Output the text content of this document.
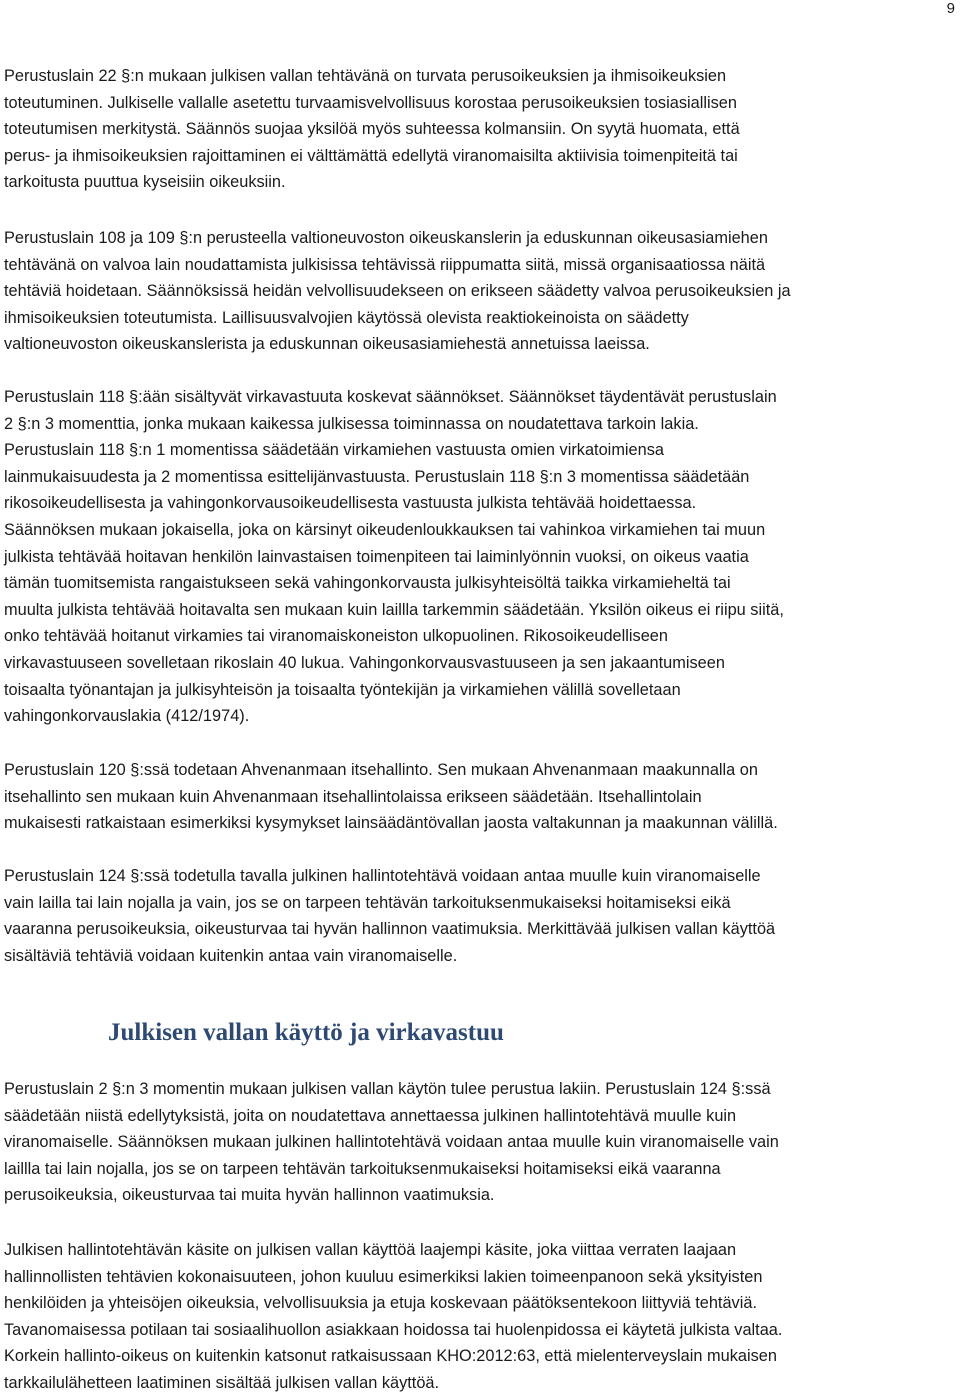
9
Perustuslain 22 §:n mukaan julkisen vallan tehtävänä on turvata perusoikeuksien ja ihmisoikeuksien
toteutuminen. Julkiselle vallalle asetettu turvaamisvelvollisuus korostaa perusoikeuksien tosiasiallisen
toteutumisen merkitystä. Säännös suojaa yksilöä myös suhteessa kolmansiin. On syytä huomata, että
perus- ja ihmisoikeuksien rajoittaminen ei välttämättä edellytä viranomaisilta aktiivisia toimenpiteitä tai
tarkoitusta puuttua kyseisiin oikeuksiin.
Perustuslain 108 ja 109 §:n perusteella valtioneuvoston oikeuskanslerin ja eduskunnan oikeusasiamiehen
tehtävänä on valvoa lain noudattamista julkisissa tehtävissä riippumatta siitä, missä organisaatiossa näitä
tehtäviä hoidetaan. Säännöksissä heidän velvollisuudekseen on erikseen säädetty valvoa perusoikeuksien ja
ihmisoikeuksien toteutumista. Laillisuusvalvojien käytössä olevista reaktiokeinoista on säädetty
valtioneuvoston oikeuskanslerista ja eduskunnan oikeusasiamiehestä annetuissa laeissa.
Perustuslain 118 §:ään sisältyvät virkavastuuta koskevat säännökset. Säännökset täydentävät perustuslain
2 §:n 3 momenttia, jonka mukaan kaikessa julkisessa toiminnassa on noudatettava tarkoin lakia.
Perustuslain 118 §:n 1 momentissa säädetään virkamiehen vastuusta omien virkatoimiensa
lainmukaisuudesta ja 2 momentissa esittelijänvastuusta. Perustuslain 118 §:n 3 momentissa säädetään
rikosoikeudellisesta ja vahingonkorvausoikeudellisesta vastuusta julkista tehtävää hoidettaessa.
Säännöksen mukaan jokaisella, joka on kärsinyt oikeudenloukkauksen tai vahinkoa virkamiehen tai muun
julkista tehtävää hoitavan henkilön lainvastaisen toimenpiteen tai laiminlyönnin vuoksi, on oikeus vaatia
tämän tuomitsemista rangaistukseen sekä vahingonkorvausta julkisyhteisöltä taikka virkamieheltä tai
muulta julkista tehtävää hoitavalta sen mukaan kuin laillla tarkemmin säädetään. Yksilön oikeus ei riipu siitä,
onko tehtävää hoitanut virkamies tai viranomaiskoneiston ulkopuolinen. Rikosoikeudelliseen
virkavastuuseen sovelletaan rikoslain 40 lukua. Vahingonkorvausvastuuseen ja sen jakaantumiseen
toisaalta työnantajan ja julkisyhteisön ja toisaalta työntekijän ja virkamiehen välillä sovelletaan
vahingonkorvauslakia (412/1974).
Perustuslain 120 §:ssä todetaan Ahvenanmaan itsehallinto. Sen mukaan Ahvenanmaan maakunnalla on
itsehallinto sen mukaan kuin Ahvenanmaan itsehallintolaissa erikseen säädetään. Itsehallintolain
mukaisesti ratkaistaan esimerkiksi kysymykset lainsäädäntövallan jaosta valtakunnan ja maakunnan välillä.
Perustuslain 124 §:ssä todetulla tavalla julkinen hallintotehtävä voidaan antaa muulle kuin viranomaiselle
vain lailla tai lain nojalla ja vain, jos se on tarpeen tehtävän tarkoituksenmukaiseksi hoitamiseksi eikä
vaaranna perusoikeuksia, oikeusturvaa tai hyvän hallinnon vaatimuksia. Merkittävää julkisen vallan käyttöä
sisältäviä tehtäviä voidaan kuitenkin antaa vain viranomaiselle.
Julkisen vallan käyttö ja virkavastuu
Perustuslain 2 §:n 3 momentin mukaan julkisen vallan käytön tulee perustua lakiin. Perustuslain 124 §:ssä
säädetään niistä edellytyksistä, joita on noudatettava annettaessa julkinen hallintotehtävä muulle kuin
viranomaiselle. Säännöksen mukaan julkinen hallintotehtävä voidaan antaa muulle kuin viranomaiselle vain
laillla tai lain nojalla, jos se on tarpeen tehtävän tarkoituksenmukaiseksi hoitamiseksi eikä vaaranna
perusoikeuksia, oikeusturvaa tai muita hyvän hallinnon vaatimuksia.
Julkisen hallintotehtävän käsite on julkisen vallan käyttöä laajempi käsite, joka viittaa verraten laajaan
hallinnollisten tehtävien kokonaisuuteen, johon kuuluu esimerkiksi lakien toimeenpanoon sekä yksityisten
henkilöiden ja yhteisöjen oikeuksia, velvollisuuksia ja etuja koskevaan päätöksentekoon liittyviä tehtäviä.
Tavanomaisessa potilaan tai sosiaalihuollon asiakkaan hoidossa tai huolenpidossa ei käytetä julkista valtaa.
Korkein hallinto-oikeus on kuitenkin katsonut ratkaisussaan KHO:2012:63, että mielenterveyslain mukaisen
tarkkailulähetteen laatiminen sisältää julkisen vallan käyttöä.
